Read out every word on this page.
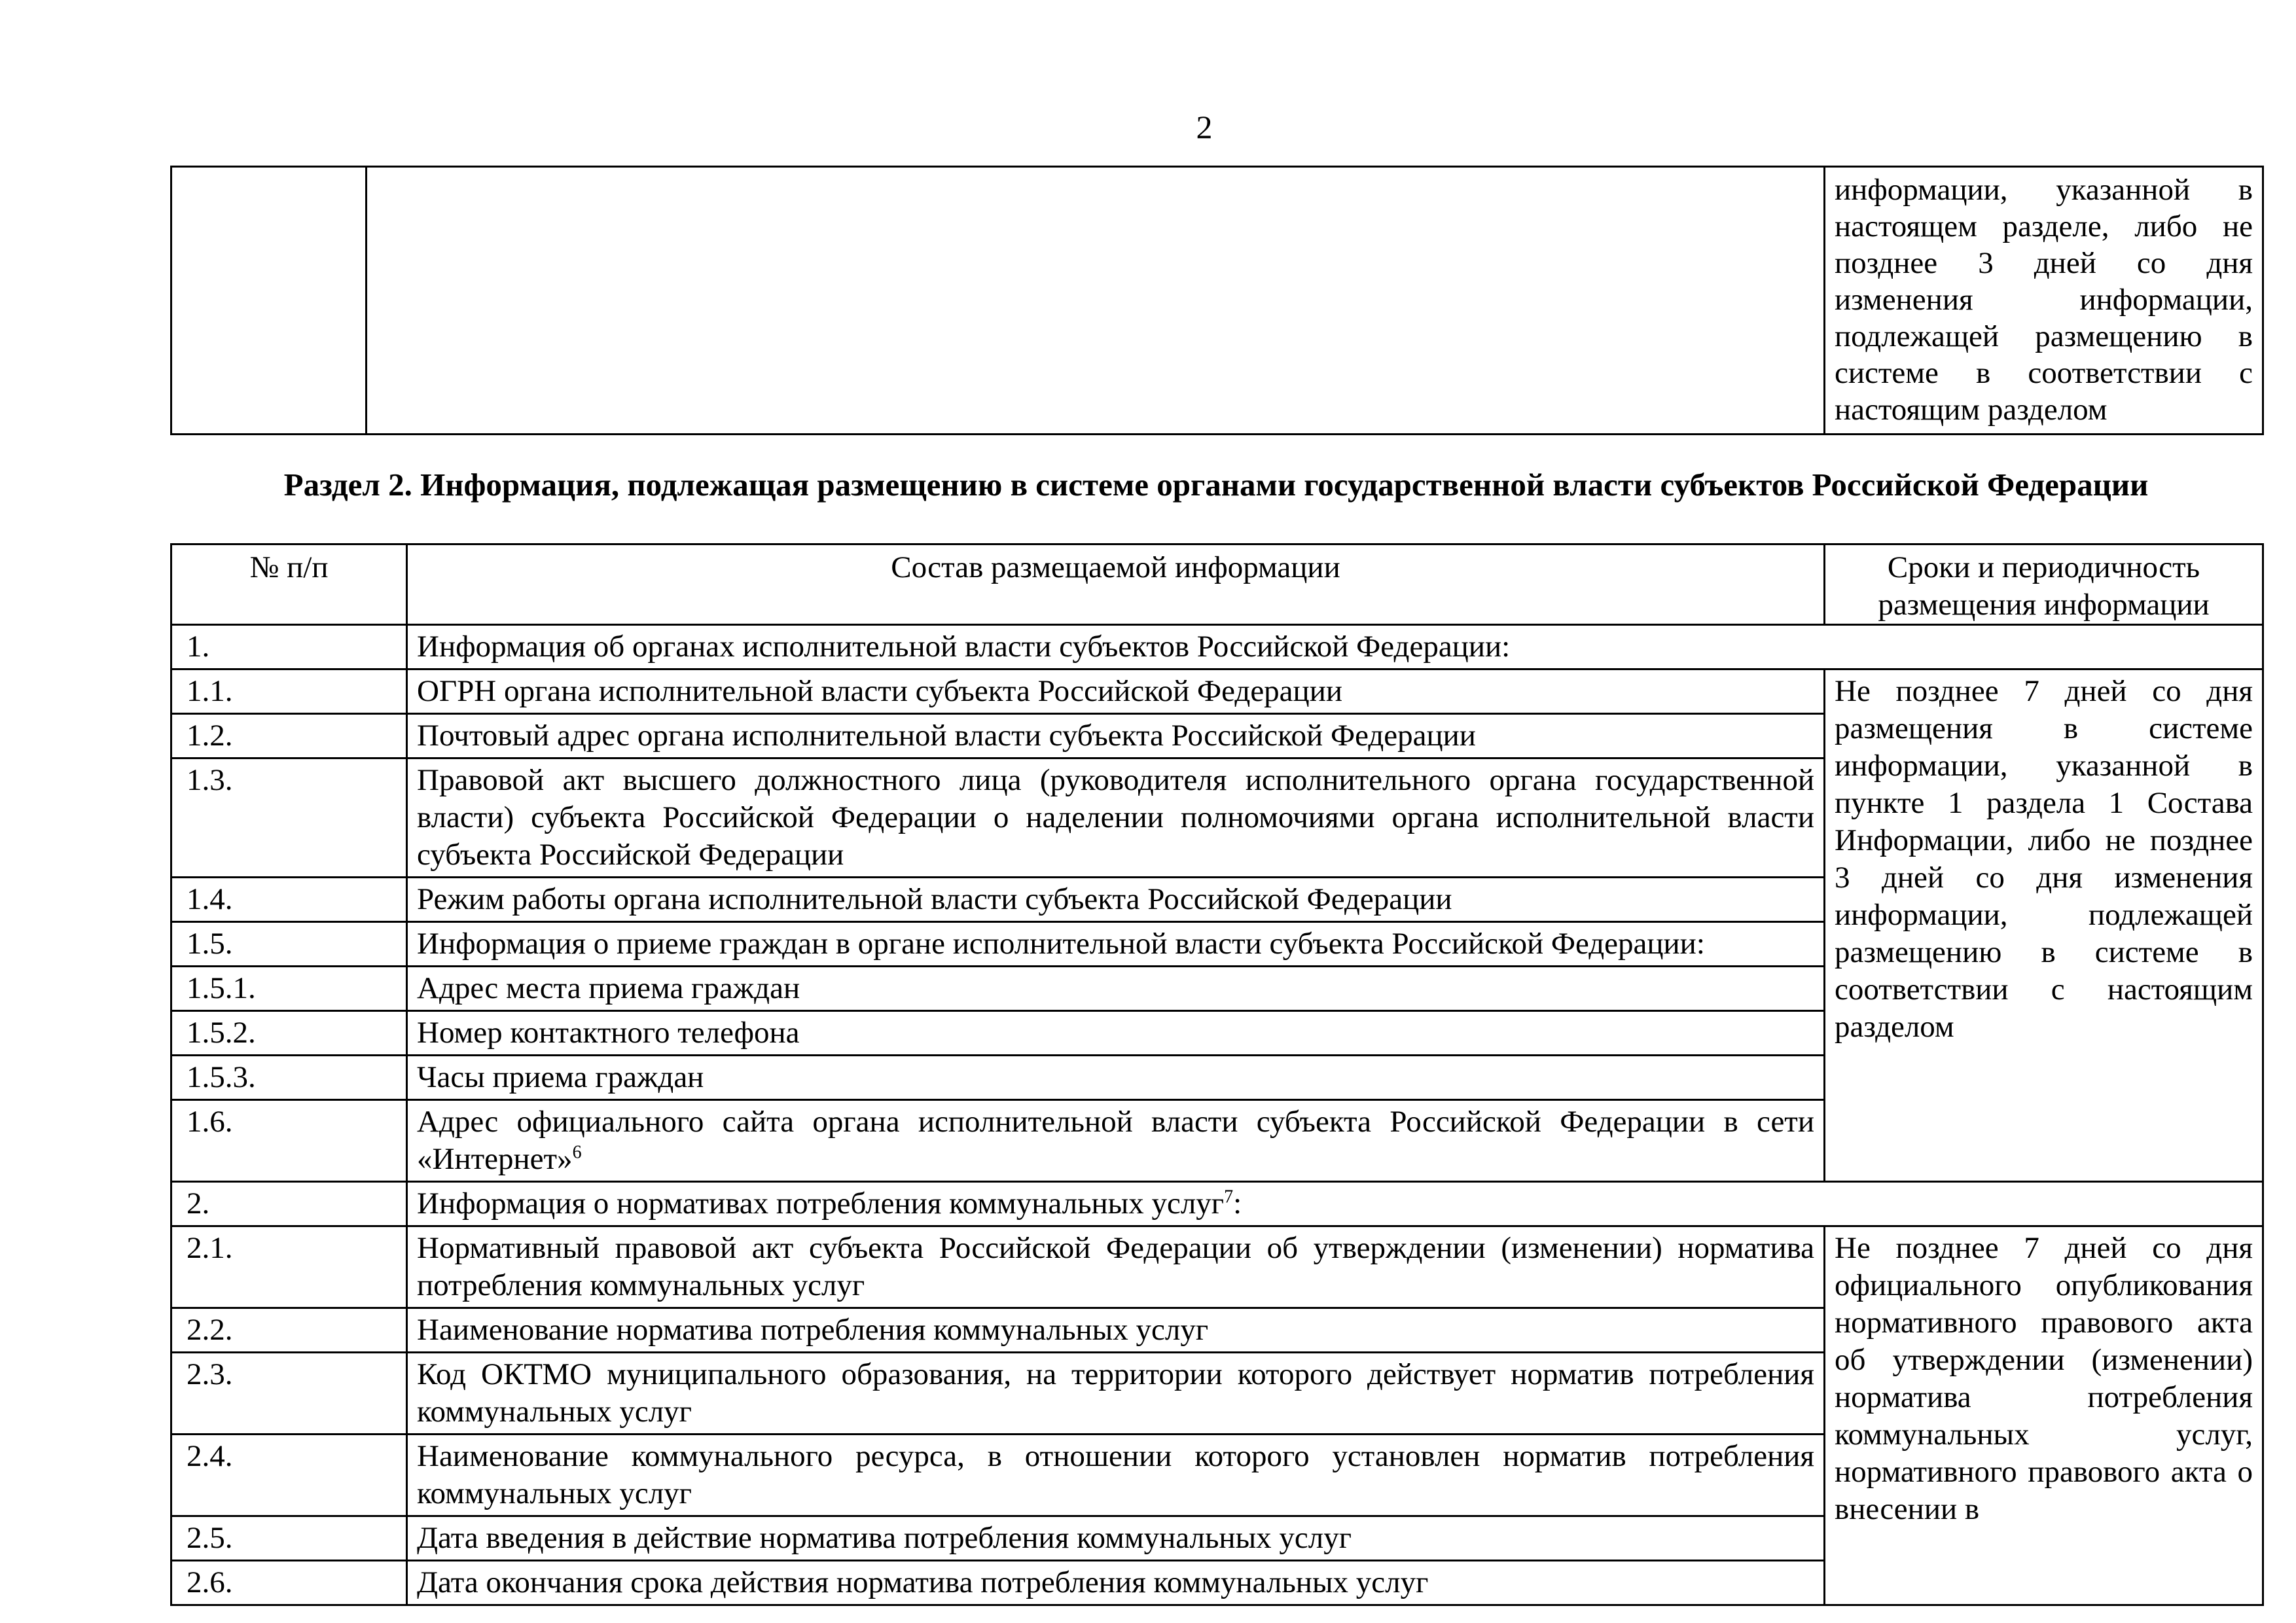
2
		информации, указанной в настоящем разделе, либо не позднее 3 дней со дня изменения информации, подлежащей размещению в системе в соответствии с настоящим разделом
Раздел 2. Информация, подлежащая размещению в системе органами государственной власти субъектов Российской Федерации
№ п/п	Состав размещаемой информации	Сроки и периодичность размещения информации
1.	Информация об органах исполнительной власти субъектов Российской Федерации:	
1.1.	ОГРН органа исполнительной власти субъекта Российской Федерации	Не позднее 7 дней со дня размещения в системе информации, указанной в пункте 1 раздела 1 Состава Информации, либо не позднее 3 дней со дня изменения информации, подлежащей размещению в системе в соответствии с настоящим разделом
1.2.	Почтовый адрес органа исполнительной власти субъекта Российской Федерации	
1.3.	Правовой акт высшего должностного лица (руководителя исполнительного органа государственной власти) субъекта Российской Федерации о наделении полномочиями органа исполнительной власти субъекта Российской Федерации	
1.4.	Режим работы органа исполнительной власти субъекта Российской Федерации	
1.5.	Информация о приеме граждан в органе исполнительной власти субъекта Российской Федерации:	
1.5.1.	Адрес места приема граждан	
1.5.2.	Номер контактного телефона	
1.5.3.	Часы приема граждан	
1.6.	Адрес официального сайта органа исполнительной власти субъекта Российской Федерации в сети «Интернет»$^6$
2.	Информация о нормативах потребления коммунальных услуг$^7$:	
2.1.	Нормативный правовой акт субъекта Российской Федерации об утверждении (изменении) норматива потребления коммунальных услуг	Не позднее 7 дней со дня официального опубликования нормативного правового акта об утверждении (изменении) норматива потребления коммунальных услуг, нормативного правового акта о внесении в
2.2.	Наименование норматива потребления коммунальных услуг	
2.3.	Код ОКТМО муниципального образования, на территории которого действует норматив потребления коммунальных услуг	
2.4.	Наименование коммунального ресурса, в отношении которого установлен норматив потребления коммунальных услуг	
2.5.	Дата введения в действие норматива потребления коммунальных услуг	
2.6.	Дата окончания срока действия норматива потребления коммунальных услуг	
